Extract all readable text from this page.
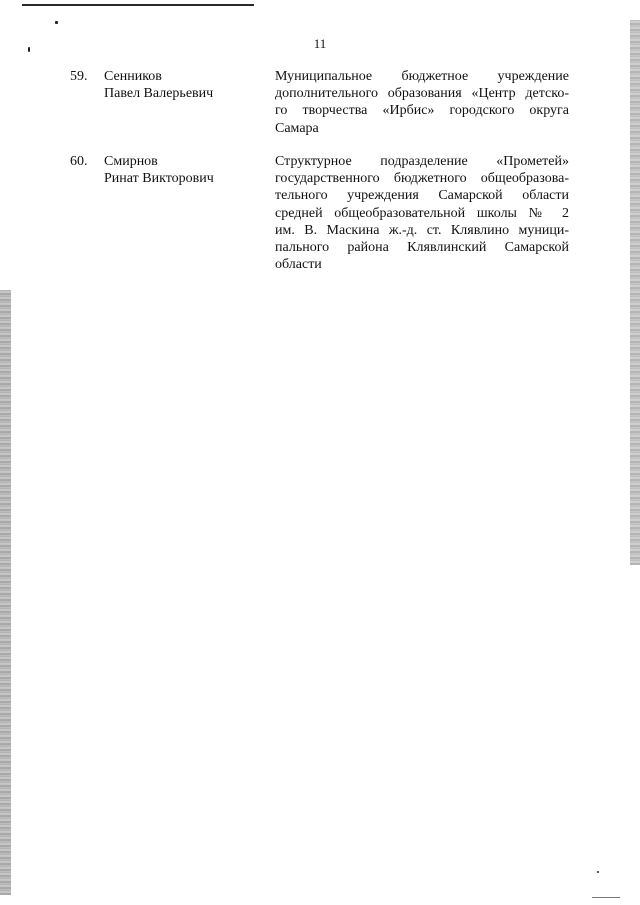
11
59.	Сенников
Павел Валерьевич
Муниципальное бюджетное учреждение
дополнительного образования «Центр детско-
го творчества «Ирбис» городского округа
Самара
60.	Смирнов
Ринат Викторович
Структурное подразделение «Прометей»
государственного бюджетного общеобразова-
тельного учреждения Самарской области
средней общеобразовательной школы № 2
им. В. Маскина ж.-д. ст. Клявлино муници-
пального района Клявлинский Самарской
области
